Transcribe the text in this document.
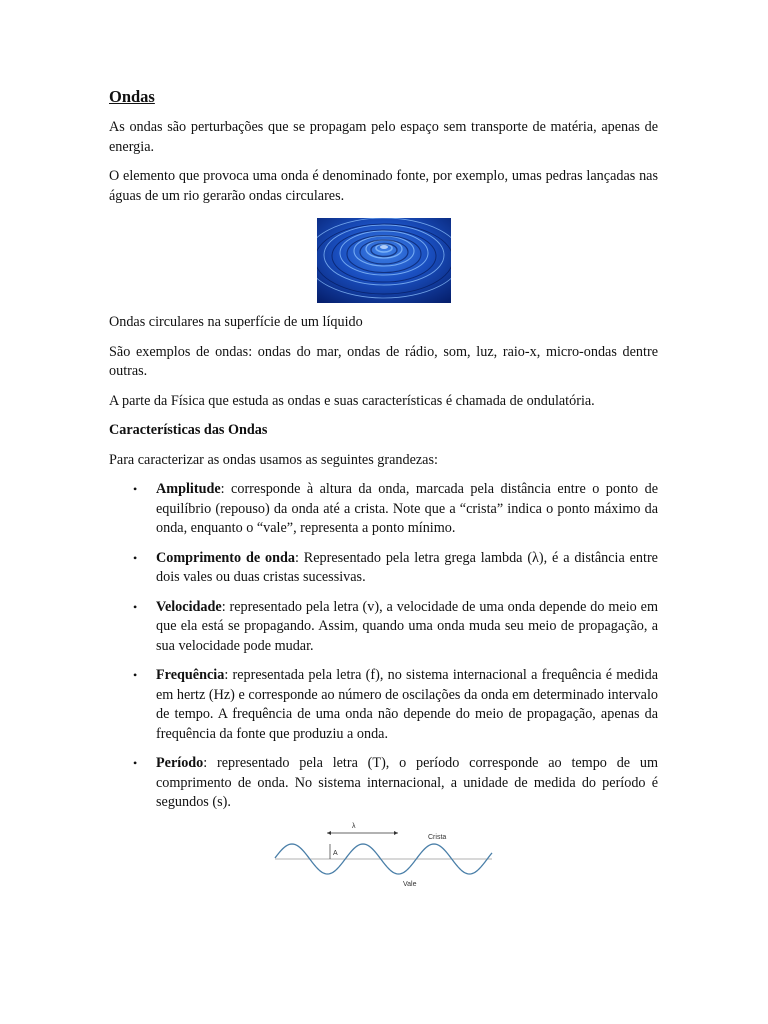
Ondas

As ondas são perturbações que se propagam pelo espaço sem transporte de matéria, apenas de energia.

O elemento que provoca uma onda é denominado fonte, por exemplo, umas pedras lançadas nas águas de um rio gerarão ondas circulares.

Ondas circulares na superfície de um líquido

São exemplos de ondas: ondas do mar, ondas de rádio, som, luz, raio-x, micro-ondas dentre outras.

A parte da Física que estuda as ondas e suas características é chamada de ondulatória.

Características das Ondas

Para caracterizar as ondas usamos as seguintes grandezas:

• Amplitude: corresponde à altura da onda, marcada pela distância entre o ponto de equilíbrio (repouso) da onda até a crista. Note que a “crista” indica o ponto máximo da onda, enquanto o “vale”, representa a ponto mínimo.
• Comprimento de onda: Representado pela letra grega lambda (λ), é a distância entre dois vales ou duas cristas sucessivas.
• Velocidade: representado pela letra (v), a velocidade de uma onda depende do meio em que ela está se propagando. Assim, quando uma onda muda seu meio de propagação, a sua velocidade pode mudar.
• Frequência: representada pela letra (f), no sistema internacional a frequência é medida em hertz (Hz) e corresponde ao número de oscilações da onda em determinado intervalo de tempo. A frequência de uma onda não depende do meio de propagação, apenas da frequência da fonte que produziu a onda.
• Período: representado pela letra (T), o período corresponde ao tempo de um comprimento de onda. No sistema internacional, a unidade de medida do período é segundos (s).
λ
A
Crista
Vale
